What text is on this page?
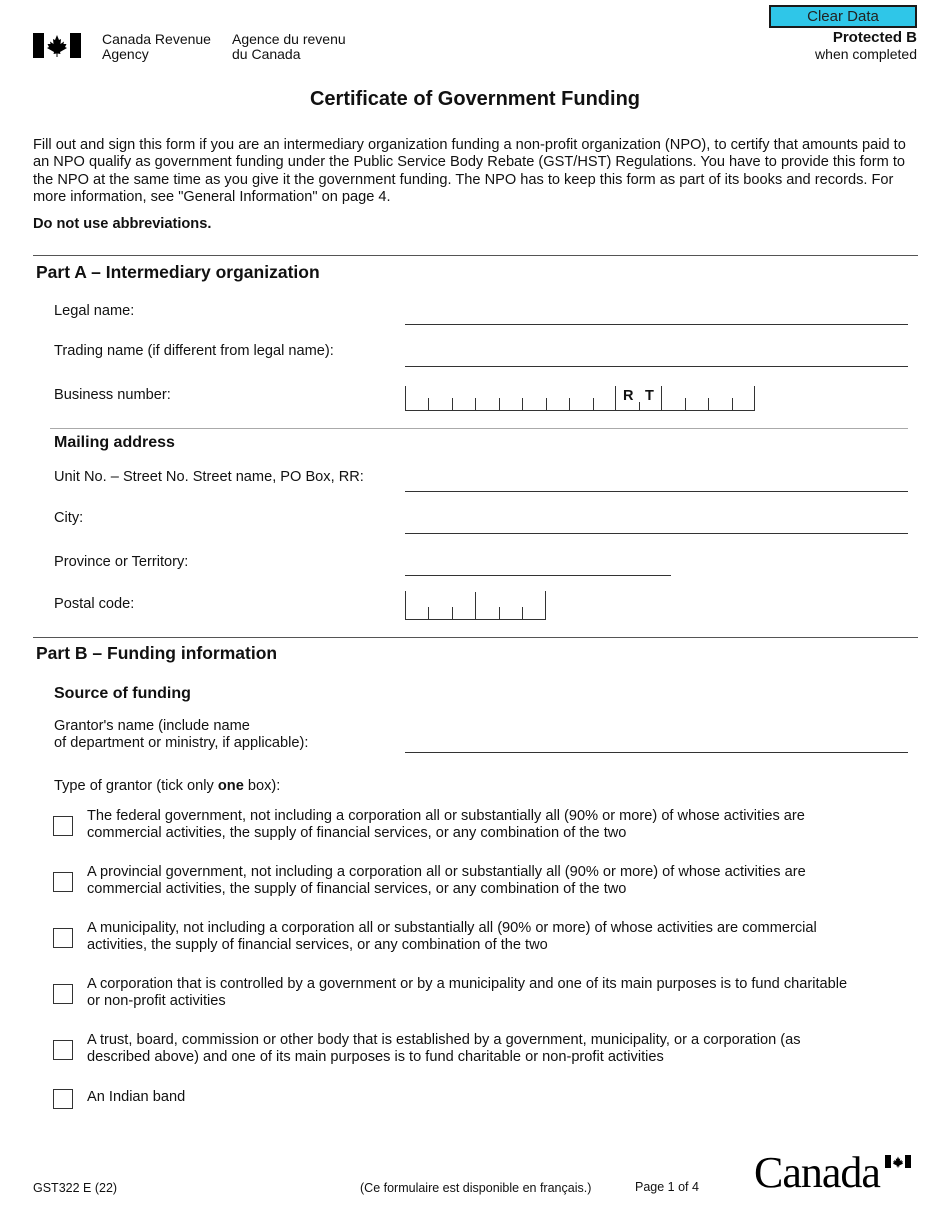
Canada Revenue
Agency
Agence du revenu
du Canada
Clear Data
Protected B
when completed
Certificate of Government Funding
Fill out and sign this form if you are an intermediary organization funding a non-profit organization (NPO), to certify that amounts paid to an NPO qualify as government funding under the Public Service Body Rebate (GST/HST) Regulations. You have to provide this form to the NPO at the same time as you give it the government funding. The NPO has to keep this form as part of its books and records. For more information, see "General Information" on page 4.
Do not use abbreviations.
Part A – Intermediary organization
Legal name:
Trading name (if different from legal name):
Business number:	R T
Mailing address
Unit No. – Street No. Street name, PO Box, RR:
City:
Province or Territory:
Postal code:
Part B – Funding information
Source of funding
Grantor's name (include name
of department or ministry, if applicable):
Type of grantor (tick only one box):
The federal government, not including a corporation all or substantially all (90% or more) of whose activities are
commercial activities, the supply of financial services, or any combination of the two
A provincial government, not including a corporation all or substantially all (90% or more) of whose activities are
commercial activities, the supply of financial services, or any combination of the two
A municipality, not including a corporation all or substantially all (90% or more) of whose activities are commercial
activities, the supply of financial services, or any combination of the two
A corporation that is controlled by a government or by a municipality and one of its main purposes is to fund charitable
or non-profit activities
A trust, board, commission or other body that is established by a government, municipality, or a corporation (as
described above) and one of its main purposes is to fund charitable or non-profit activities
An Indian band
GST322 E (22)	(Ce formulaire est disponible en français.)	Page 1 of 4 Canada
